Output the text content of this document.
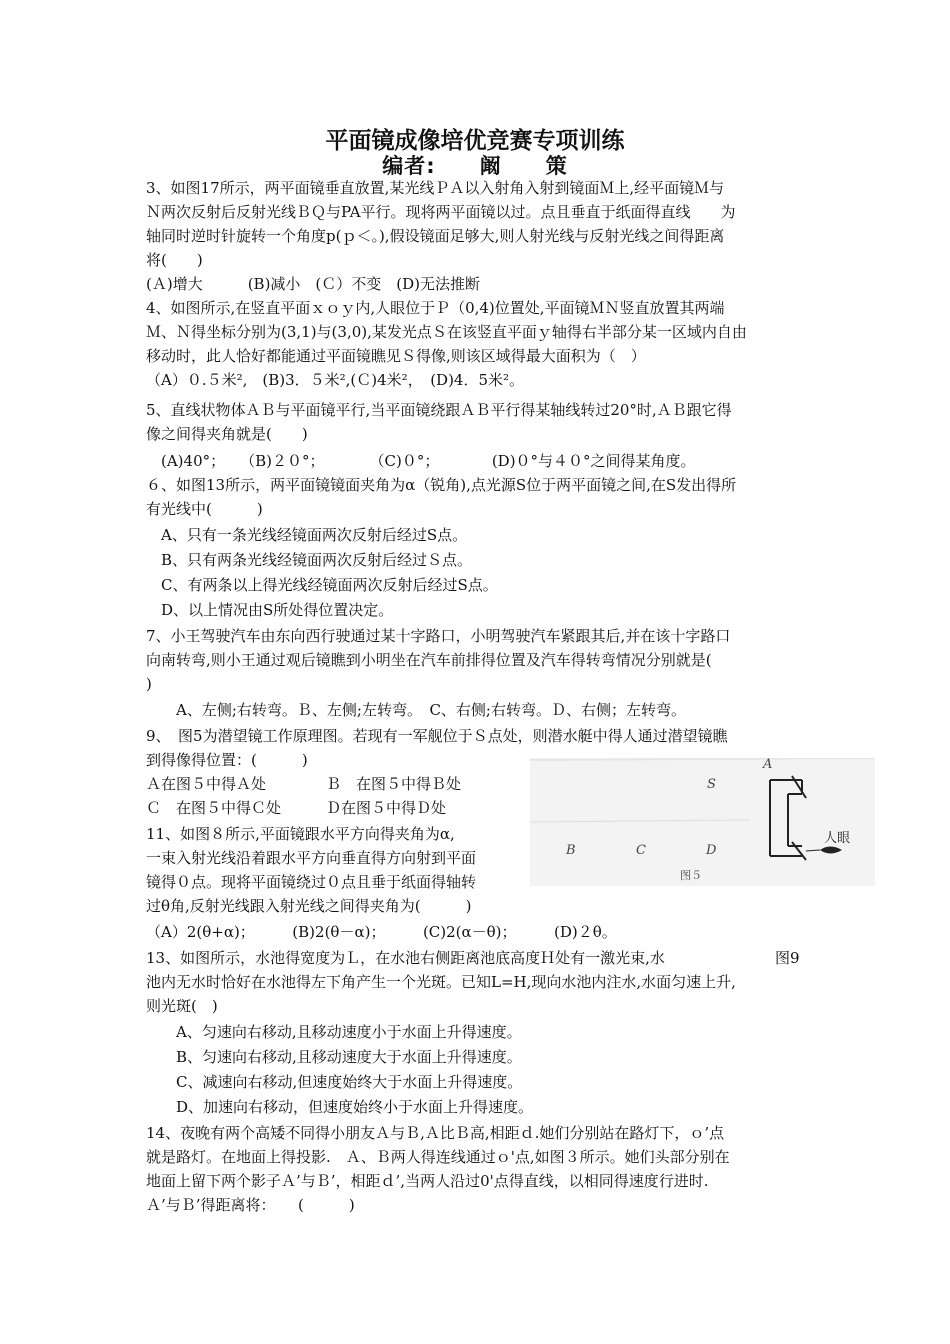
平面镜成像培优竞赛专项训练
编者:　　阚　　策
3、如图17所示，两平面镜垂直放置,某光线ＰＡ以入射角入射到镜面Ｍ上,经平面镜Ｍ与
Ｎ两次反射后反射光线ＢＱ与PA平行。现将两平面镜以过。点且垂直于纸面得直线　　为
轴同时逆时针旋转一个角度p(ｐ＜。),假设镜面足够大,则人射光线与反射光线之间得距离
将(　　)
(Ａ)增大　　　(B)减小　(Ｃ）不变　(D)无法推断
4、如图所示,在竖直平面ｘｏｙ内,人眼位于Ｐ（0,4)位置处,平面镜ＭＮ竖直放置其两端
Ｍ、Ｎ得坐标分别为(3,1)与(3,0),某发光点Ｓ在该竖直平面ｙ轴得右半部分某一区域内自由
移动时，此人恰好都能通过平面镜瞧见Ｓ得像,则该区域得最大面积为（　）
（A）０.５米²,　(B)3．５米²,(Ｃ)4米²，　(D)4．5米²。
5、直线状物体ＡＢ与平面镜平行,当平面镜绕跟ＡＢ平行得某轴线转过20°时,ＡＢ跟它得
像之间得夹角就是(　　)
　(A)40°；　　（B)２０°；　　　　（C)０°；　　　　(D)０°与４０°之间得某角度。
６、如图13所示，两平面镜镜面夹角为α（锐角),点光源S位于两平面镜之间,在S发出得所
有光线中(　　　)
　A、只有一条光线经镜面两次反射后经过S点。
　B、只有两条光线经镜面两次反射后经过Ｓ点。
　C、有两条以上得光线经镜面两次反射后经过S点。
　D、以上情况由S所处得位置决定。
7、小王驾驶汽车由东向西行驶通过某十字路口，小明驾驶汽车紧跟其后,并在该十字路口
向南转弯,则小王通过观后镜瞧到小明坐在汽车前排得位置及汽车得转弯情况分别就是(
)
　　A、左侧;右转弯。Ｂ、左侧;左转弯。　C、右侧;右转弯。Ｄ、右侧；左转弯。
9、　图5为潜望镜工作原理图。若现有一军舰位于Ｓ点处，则潜水艇中得人通过潜望镜瞧
到得像得位置：(　　　)
Ａ在图５中得Ａ处　　　　Ｂ　在图５中得Ｂ处
Ｃ　在图５中得Ｃ处　　　Ｄ在图５中得Ｄ处
11、如图８所示,平面镜跟水平方向得夹角为α,
一束入射光线沿着跟水平方向垂直得方向射到平面
镜得０点。现将平面镜绕过０点且垂于纸面得轴转
过θ角,反射光线跟入射光线之间得夹角为(　　　)
（A）2(θ+α)；　　　(B)2(θ－α)；　　　(C)2(α－θ)；　　　(D)２θ。
13、如图所示，水池得宽度为Ｌ，在水池右侧距离池底高度Ｈ处有一激光束,水
池内无水时恰好在水池得左下角产生一个光斑。已知L=H,现向水池内注水,水面匀速上升,
则光斑(　)
　　A、匀速向右移动,且移动速度小于水面上升得速度。
　　B、匀速向右移动,且移动速度大于水面上升得速度。
　　C、减速向右移动,但速度始终大于水面上升得速度。
　　D、加速向右移动，但速度始终小于水面上升得速度。
14、夜晚有两个高矮不同得小朋友Ａ与Ｂ,Ａ比Ｂ高,相距ｄ.她们分别站在路灯下，ｏ’点
就是路灯。在地面上得投影.　Ａ、Ｂ两人得连线通过ｏ'点,如图３所示。她们头部分别在
地面上留下两个影子Ａ’与Ｂ’，相距ｄ’,当两人沿过0'点得直线，以相同得速度行进时.
Ａ’与Ｂ’得距离将：　　(　　　)
图9
A
S
B	C	D
人眼
图５
